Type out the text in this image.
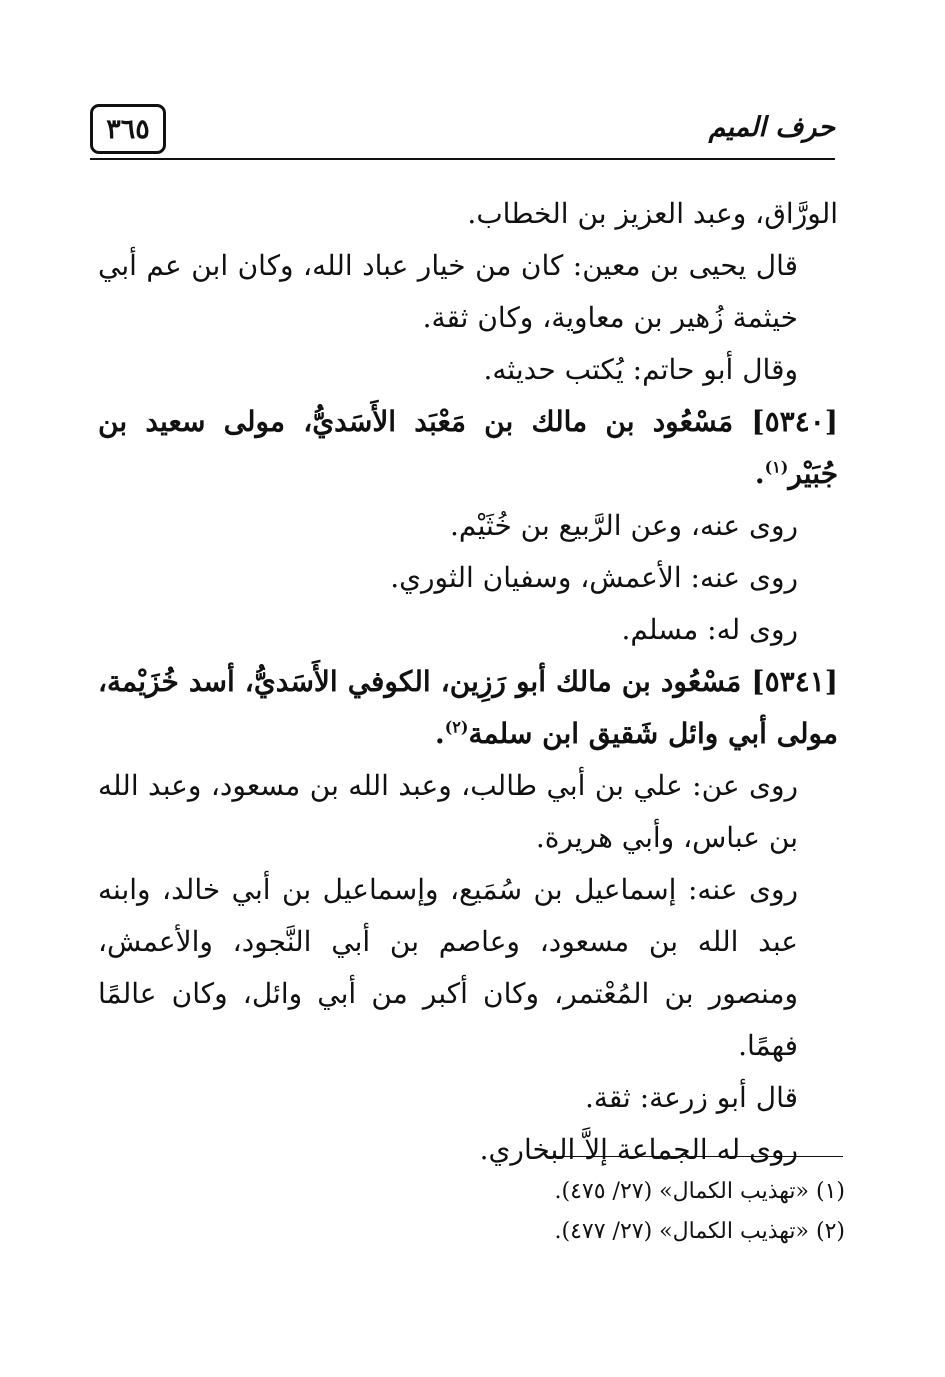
٣٦٥	حرف الميم

الورَّاق، وعبد العزيز بن الخطاب.

قال يحيى بن معين: كان من خيار عباد الله، وكان ابن عم أبي خيثمة زُهير بن معاوية، وكان ثقة.

وقال أبو حاتم: يُكتب حديثه.

[٥٣٤٠] مَسْعُود بن مالك بن مَعْبَد الأَسَديُّ، مولى سعيد بن جُبَيْر$^{(١)}$.

روى عنه، وعن الرَّبيع بن خُثَيْم.

روى عنه: الأعمش، وسفيان الثوري.

روى له: مسلم.

[٥٣٤١] مَسْعُود بن مالك أبو رَزِين، الكوفي الأَسَديُّ، أسد خُزَيْمة، مولى أبي وائل شَقيق ابن سلمة$^{(٢)}$.

روى عن: علي بن أبي طالب، وعبد الله بن مسعود، وعبد الله بن عباس، وأبي هريرة.

روى عنه: إسماعيل بن سُمَيع، وإسماعيل بن أبي خالد، وابنه عبد الله بن مسعود، وعاصم بن أبي النَّجود، والأعمش، ومنصور بن المُعْتمر، وكان أكبر من أبي وائل، وكان عالمًا فهمًا.

قال أبو زرعة: ثقة.

روى له الجماعة إلاَّ البخاري.

(١) «تهذيب الكمال» (٢٧/ ٤٧٥).

(٢) «تهذيب الكمال» (٢٧/ ٤٧٧).
